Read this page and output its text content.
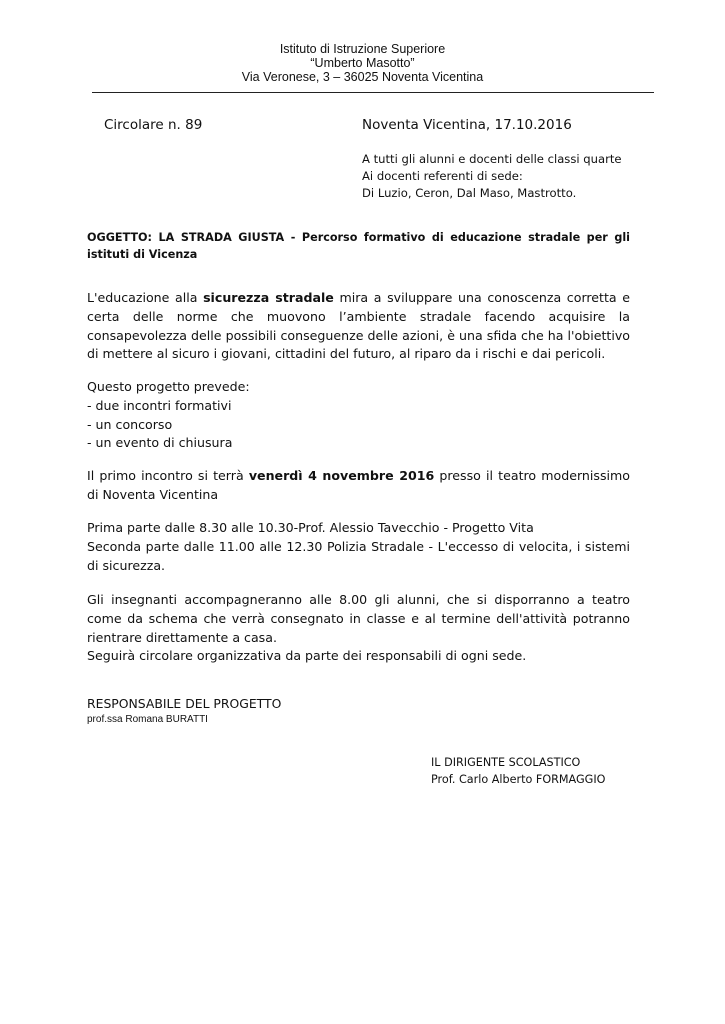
Istituto di Istruzione Superiore
“Umberto Masotto”
Via Veronese, 3 – 36025 Noventa Vicentina
Circolare n. 89	Noventa Vicentina, 17.10.2016
A tutti gli alunni e docenti delle classi quarte
Ai docenti referenti di sede:
Di Luzio, Ceron, Dal Maso, Mastrotto.
OGGETTO: LA STRADA GIUSTA - Percorso formativo di educazione stradale per gli istituti di Vicenza
L'educazione alla sicurezza stradale mira a sviluppare una conoscenza corretta e certa delle norme che muovono l’ambiente stradale facendo acquisire la consapevolezza delle possibili conseguenze delle azioni, è una sfida che ha l'obiettivo di mettere al sicuro i giovani, cittadini del futuro, al riparo da i rischi e dai pericoli.
Questo progetto prevede:
- due incontri formativi
- un concorso
- un evento di chiusura
Il primo incontro si terrà venerdì 4 novembre 2016 presso il teatro modernissimo di Noventa Vicentina
Prima parte dalle 8.30 alle 10.30-Prof. Alessio Tavecchio - Progetto Vita
Seconda parte dalle 11.00 alle 12.30 Polizia Stradale - L'eccesso di velocita, i sistemi di sicurezza.
Gli insegnanti accompagneranno alle 8.00 gli alunni, che si disporranno a teatro come da schema che verrà consegnato in classe e al termine dell'attività potranno rientrare direttamente a casa.
Seguirà circolare organizzativa da parte dei responsabili di ogni sede.
RESPONSABILE DEL PROGETTO
prof.ssa Romana BURATTI
IL DIRIGENTE SCOLASTICO
Prof. Carlo Alberto FORMAGGIO
